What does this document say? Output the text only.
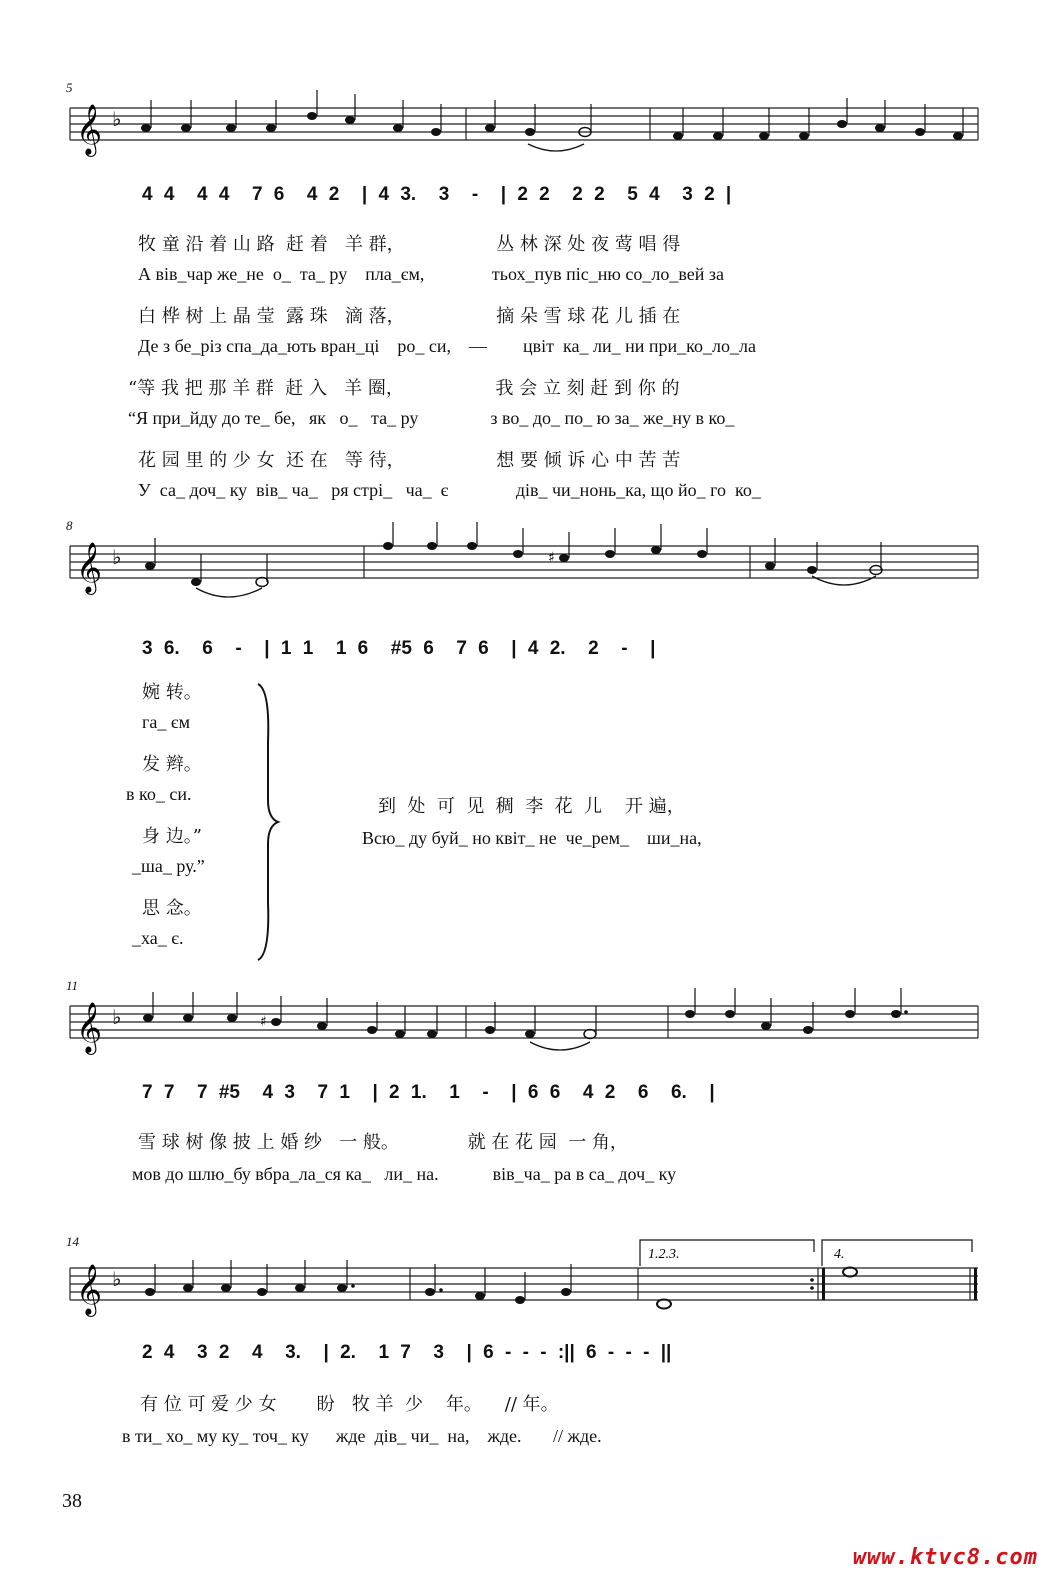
5
𝄞 ♭
4 4  4 4  7 6  4 2  | 4 3.  3  -  | 2 2  2 2  5 4  3 2 |
牧 童 沿 着 山 路  赶 着   羊 群，                丛 林 深 处 夜 莺 唱 得
А вів_чар же_не  о_  та_ ру    пла_єм,               тьох_пув піс_ню со_ло_вей за
白 桦 树 上 晶 莹  露 珠   滴 落，                摘 朵 雪 球 花 儿 插 在
Де з бе_різ спа_да_ють вран_ці    ро_ си,    —        цвіт  ка_ ли_ ни при_ко_ло_ла
“等 我 把 那 羊 群  赶 入   羊 圈，                我 会 立 刻 赶 到 你 的
“Я при_йду до те_ бе,   як   о_   та_ ру                з во_ до_ по_ ю за_ же_ну в ко_
花 园 里 的 少 女  还 在   等 待，                想 要 倾 诉 心 中 苦 苦
У  са_ доч_ ку  вів_ ча_   ря стрі_   ча_  є               дів_ чи_нонь_ка, що йо_ го  ко_
8
𝄞 ♭	♯
3 6.  6  -  | 1 1  1 6  #5 6  7 6  | 4 2.  2  -  |
婉 转。
га_ єм
发 辫。
в ко_ си.
身 边。”
_ша_ ру.”
思 念。
_ха_ є.
到  处  可  见  稠  李  花  儿    开 遍，
Всю_ ду буй_ но квіт_ не  че_рем_    ши_на,
11
𝄞 ♭	♯
7 7  7 #5  4 3  7 1  | 2 1.  1  -  | 6 6  4 2  6  6.  |
雪 球 树 像 披 上 婚 纱   一 般。            就 在 花 园  一 角，
мов до шлю_бу вбра_ла_ся ка_   ли_ на.            вів_ча_ ра в са_ доч_ ку
14
1.2.3.	4.
𝄞 ♭
2 4  3 2  4  3.  | 2.  1 7  3  | 6 - - - :|| 6 - - - ||
有 位 可 爱 少 女       盼   牧 羊  少    年。    // 年。
в ти_ хо_ му ку_ точ_ ку      жде  дів_ чи_  на,    жде.       // жде.
38
www.ktvc8.com
